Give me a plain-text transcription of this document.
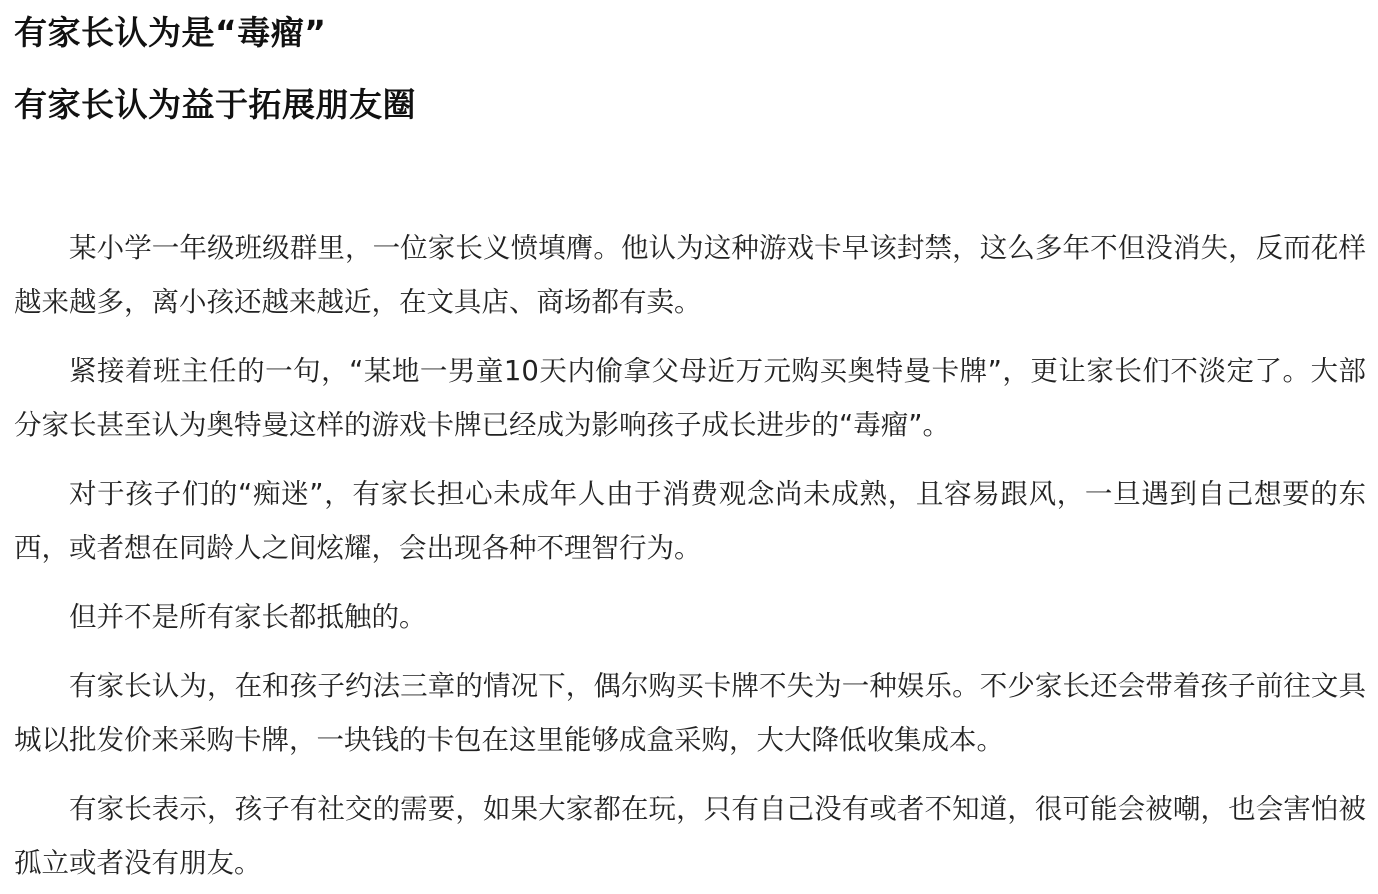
有家长认为是“毒瘤”
有家长认为益于拓展朋友圈

某小学一年级班级群里，一位家长义愤填膺。他认为这种游戏卡早该封禁，这么多年不但没消失，反而花样越来越多，离小孩还越来越近，在文具店、商场都有卖。

紧接着班主任的一句，“某地一男童10天内偷拿父母近万元购买奥特曼卡牌”，更让家长们不淡定了。大部分家长甚至认为奥特曼这样的游戏卡牌已经成为影响孩子成长进步的“毒瘤”。

对于孩子们的“痴迷”，有家长担心未成年人由于消费观念尚未成熟，且容易跟风，一旦遇到自己想要的东西，或者想在同龄人之间炫耀，会出现各种不理智行为。

但并不是所有家长都抵触的。

有家长认为，在和孩子约法三章的情况下，偶尔购买卡牌不失为一种娱乐。不少家长还会带着孩子前往文具城以批发价来采购卡牌，一块钱的卡包在这里能够成盒采购，大大降低收集成本。

有家长表示，孩子有社交的需要，如果大家都在玩，只有自己没有或者不知道，很可能会被嘲，也会害怕被孤立或者没有朋友。
